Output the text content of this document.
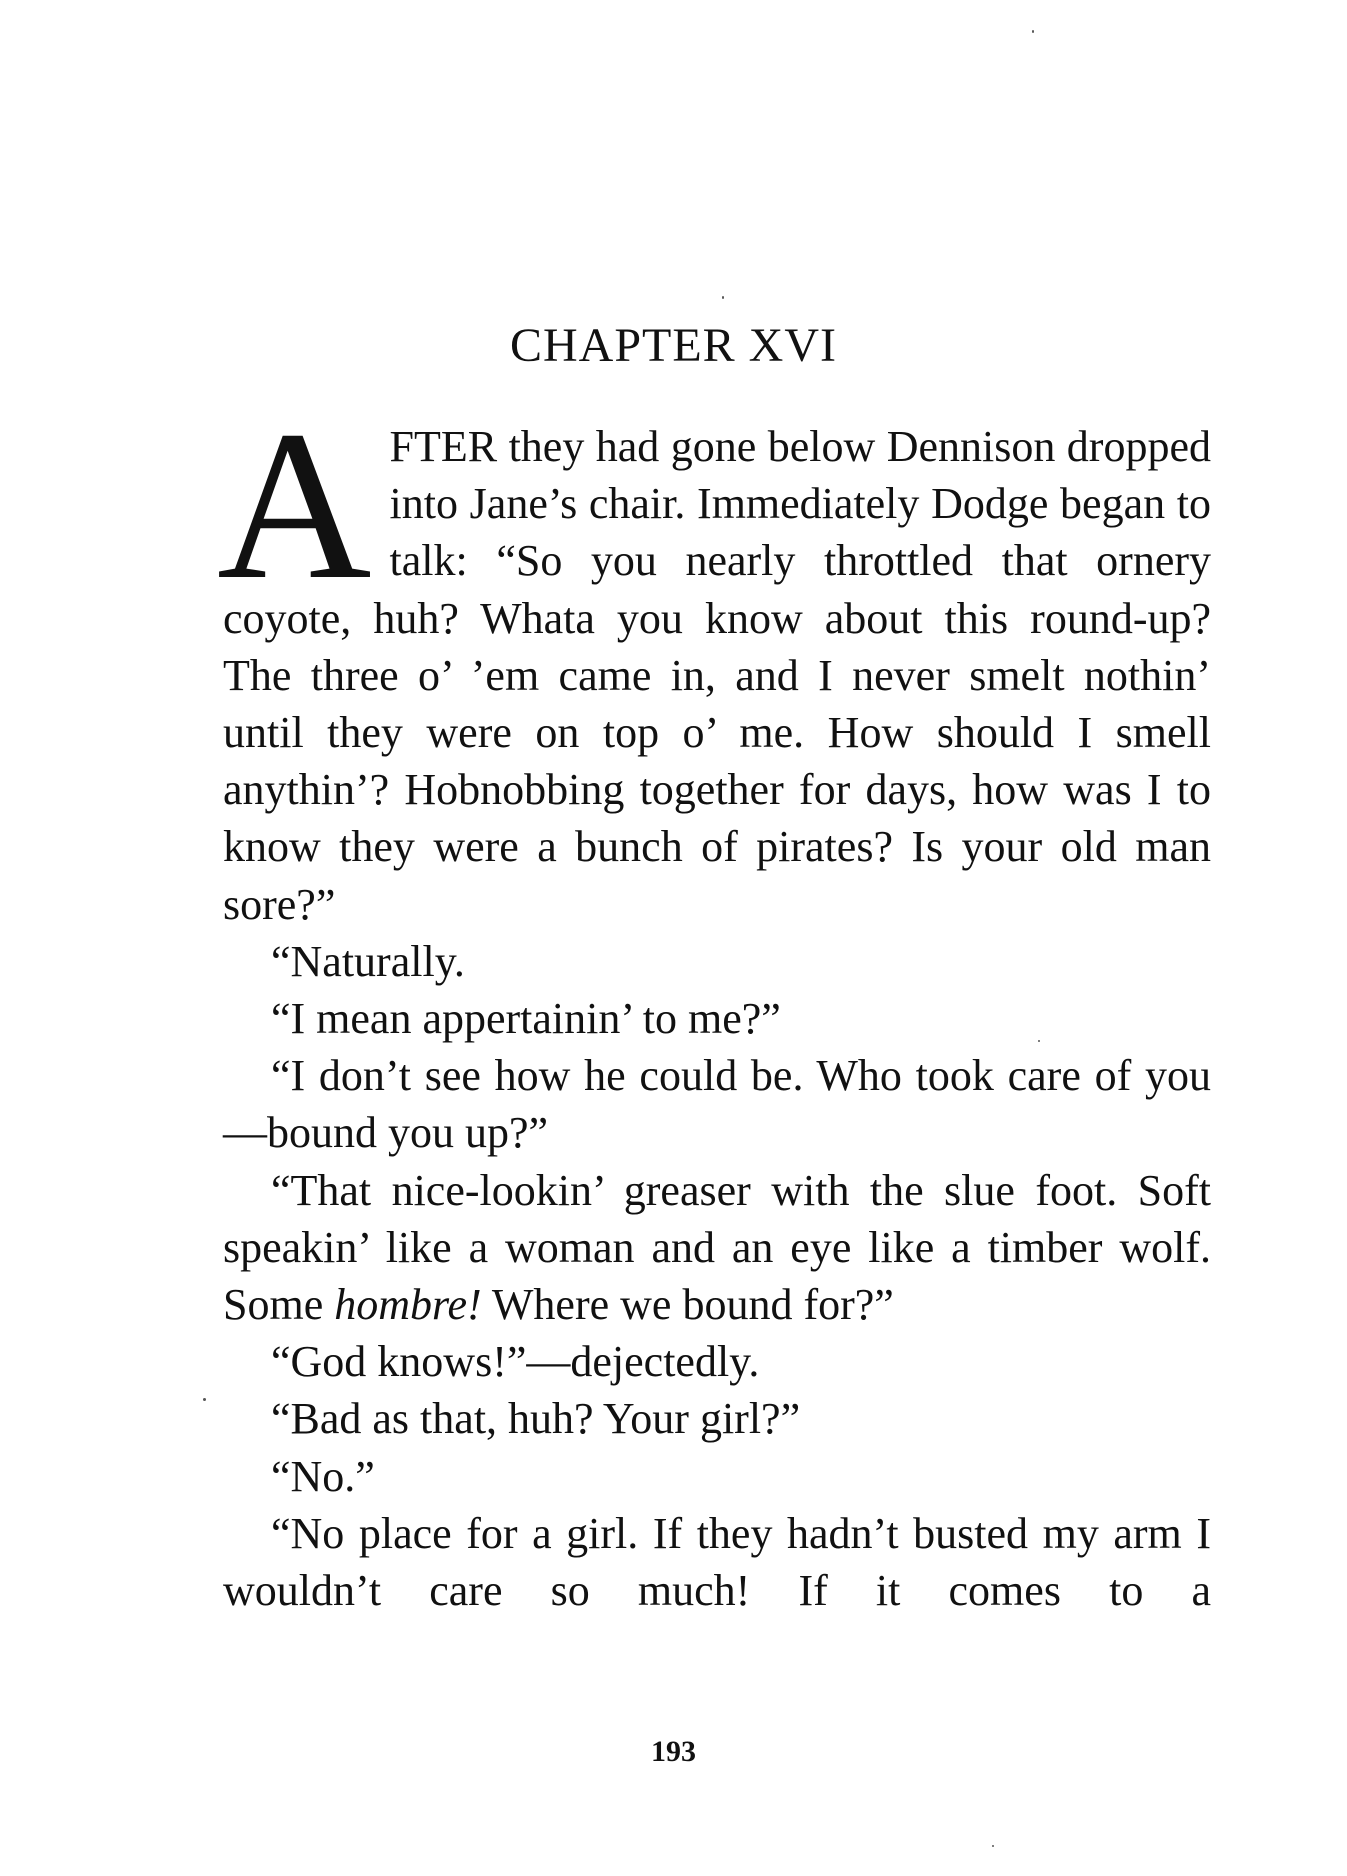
CHAPTER XVI

AFTER they had gone below Dennison dropped into Jane’s chair. Immediately Dodge began to talk: “So you nearly throttled that ornery coyote, huh? Whata you know about this round-up? The three o’ ’em came in, and I never smelt nothin’ until they were on top o’ me. How should I smell anythin’? Hobnobbing together for days, how was I to know they were a bunch of pirates? Is your old man sore?”

“Naturally.

“I mean appertainin’ to me?”

“I don’t see how he could be. Who took care of you—bound you up?”

“That nice-lookin’ greaser with the slue foot. Soft speakin’ like a woman and an eye like a timber wolf. Some hombre! Where we bound for?”

“God knows!”—dejectedly.

“Bad as that, huh? Your girl?”

“No.”

“No place for a girl. If they hadn’t busted my arm I wouldn’t care so much! If it comes to a

193
